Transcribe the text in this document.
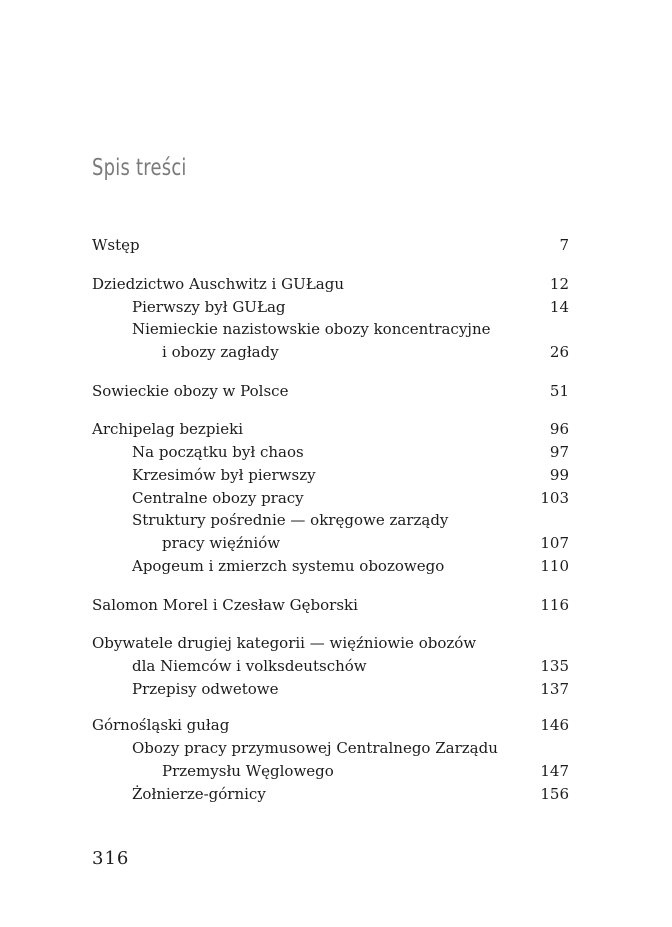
Spis treści
Wstęp	7
Dziedzictwo Auschwitz i GUŁagu	12
Pierwszy był GUŁag	14
Niemieckie nazistowskie obozy koncentracyjne
i obozy zagłady	26
Sowieckie obozy w Polsce	51
Archipelag bezpieki	96
Na początku był chaos	97
Krzesimów był pierwszy	99
Centralne obozy pracy	103
Struktury pośrednie — okręgowe zarządy
pracy więźniów	107
Apogeum i zmierzch systemu obozowego	110
Salomon Morel i Czesław Gęborski	116
Obywatele drugiej kategorii — więźniowie obozów
dla Niemców i volksdeutschów	135
Przepisy odwetowe	137
Górnośląski gułag	146
Obozy pracy przymusowej Centralnego Zarządu
Przemysłu Węglowego	147
Żołnierze-górnicy	156
316
